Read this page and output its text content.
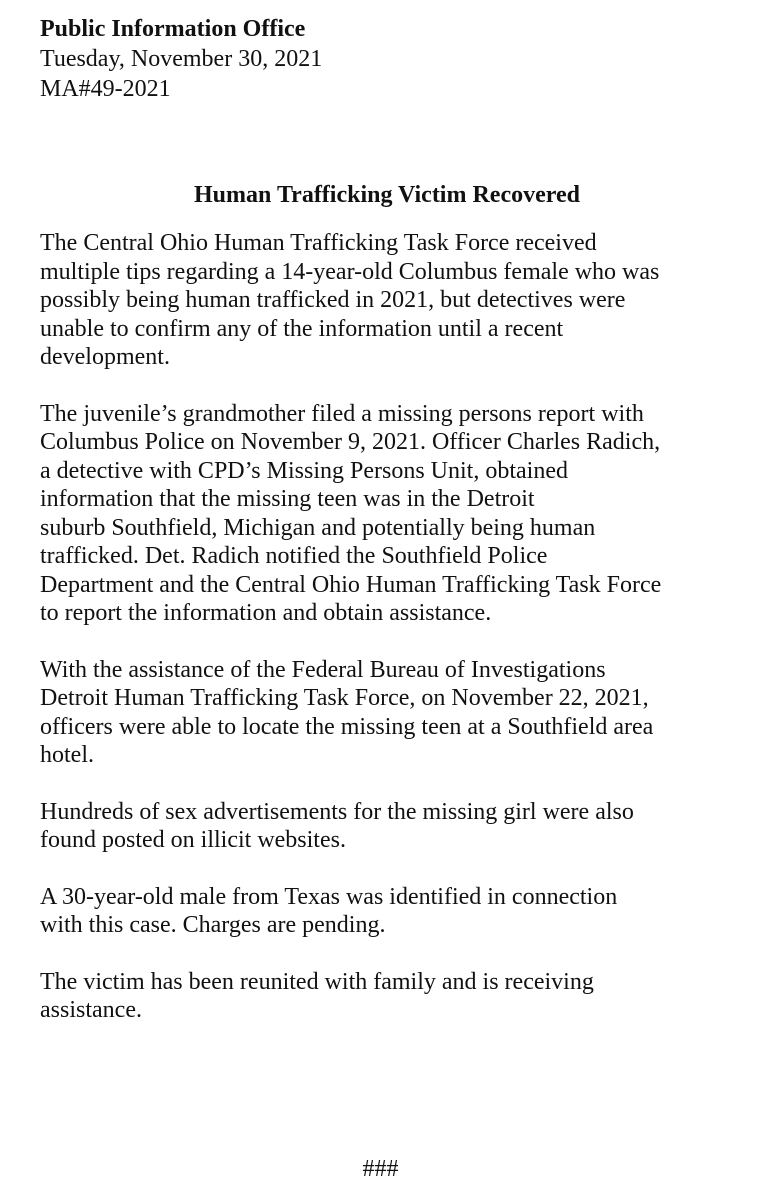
Public Information Office

Tuesday, November 30, 2021

MA#49-2021

Human Trafficking Victim Recovered

The Central Ohio Human Trafficking Task Force received
multiple tips regarding a 14-year-old Columbus female who was
possibly being human trafficked in 2021, but detectives were
unable to confirm any of the information until a recent
development.

The juvenile’s grandmother filed a missing persons report with
Columbus Police on November 9, 2021. Officer Charles Radich,
a detective with CPD’s Missing Persons Unit, obtained
information that the missing teen was in the Detroit
suburb Southfield, Michigan and potentially being human
trafficked. Det. Radich notified the Southfield Police
Department and the Central Ohio Human Trafficking Task Force
to report the information and obtain assistance.

With the assistance of the Federal Bureau of Investigations
Detroit Human Trafficking Task Force, on November 22, 2021,
officers were able to locate the missing teen at a Southfield area
hotel.

Hundreds of sex advertisements for the missing girl were also
found posted on illicit websites.

A 30-year-old male from Texas was identified in connection
with this case. Charges are pending.

The victim has been reunited with family and is receiving
assistance.

###
